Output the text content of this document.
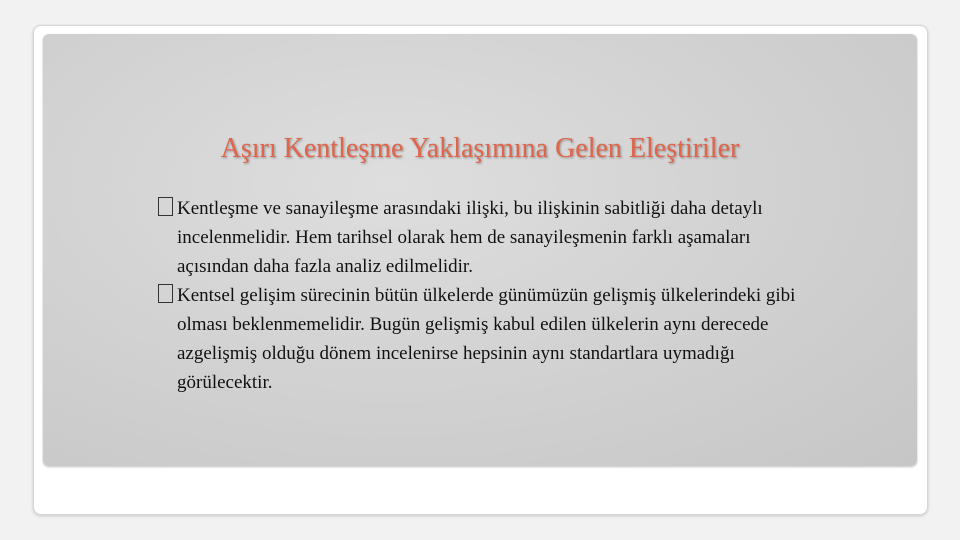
Aşırı Kentleşme Yaklaşımına Gelen Eleştiriler
Kentleşme ve sanayileşme arasındaki ilişki, bu ilişkinin sabitliği daha detaylı incelenmelidir. Hem tarihsel olarak hem de sanayileşmenin farklı aşamaları açısından daha fazla analiz edilmelidir.
Kentsel gelişim sürecinin bütün ülkelerde günümüzün gelişmiş ülkelerindeki gibi olması beklenmemelidir. Bugün gelişmiş kabul edilen ülkelerin aynı derecede azgelişmiş olduğu dönem incelenirse hepsinin aynı standartlara uymadığı görülecektir.
